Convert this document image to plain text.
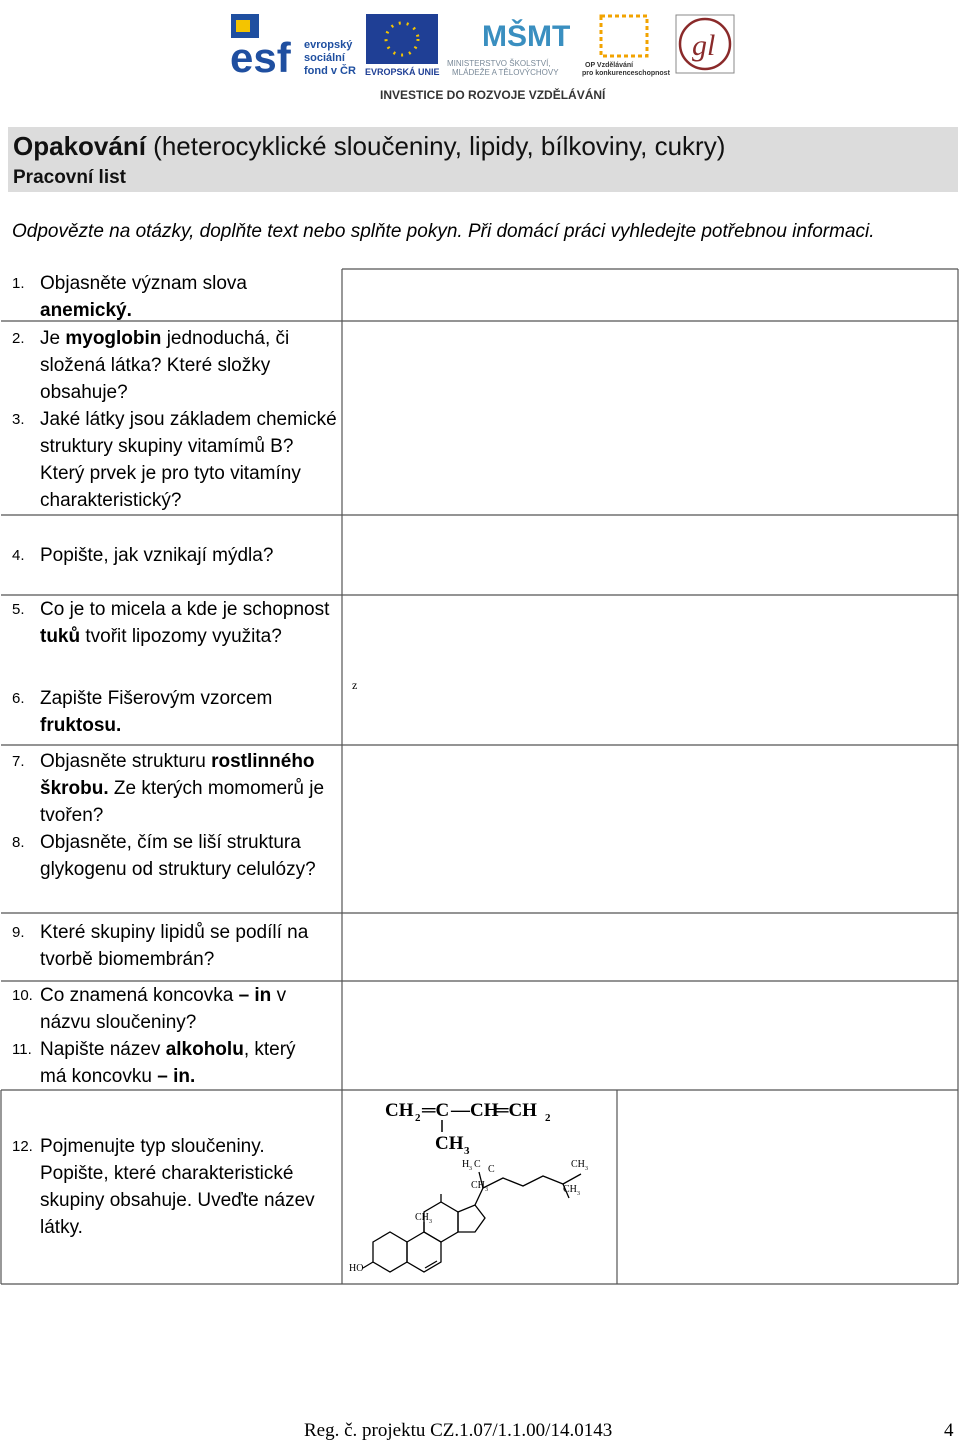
esf evropský
sociální
fond v ČR EVROPSKÁ UNIE
MŠMT
MINISTERSTVO ŠKOLSTVÍ,
MLÁDEŽE A TĚLOVÝCHOVY
OP Vzdělávání
pro konkurenceschopnost
gl
INVESTICE DO ROZVOJE VZDĚLÁVÁNÍ
Opakování (heterocyklické sloučeniny, lipidy, bílkoviny, cukry)
Pracovní list
Odpovězte na otázky, doplňte text nebo splňte pokyn. Při domácí práci vyhledejte potřebnou informaci.
z
1. Objasněte význam slova anemický.
2. Je myoglobin jednoduchá, či složená látka? Které složky obsahuje?
3. Jaké látky jsou základem chemické struktury skupiny vitamímů B? Který prvek je pro tyto vitamíny charakteristický?
4. Popište, jak vznikají mýdla?
5. Co je to micela a kde je schopnost tuků tvořit lipozomy využita?
6. Zapište Fišerovým vzorcem fruktosu.
7. Objasněte strukturu rostlinného škrobu. Ze kterých momomerů je tvořen?
8. Objasněte, čím se liší struktura glykogenu od struktury celulózy?
9. Které skupiny lipidů se podílí na tvorbě biomembrán?
10. Co znamená koncovka – in v názvu sloučeniny?
11. Napište název alkoholu, který má koncovku – in.
12. Pojmenujte typ sloučeniny. Popište, které charakteristické skupiny obsahuje. Uveďte název látky.
CH 2 ═C —CH
═CH 2
CH 3
HO
H 3 C C	CH 3
CH 3
CH 3
CH 3
Reg. č. projektu CZ.1.07/1.1.00/14.0143	4
